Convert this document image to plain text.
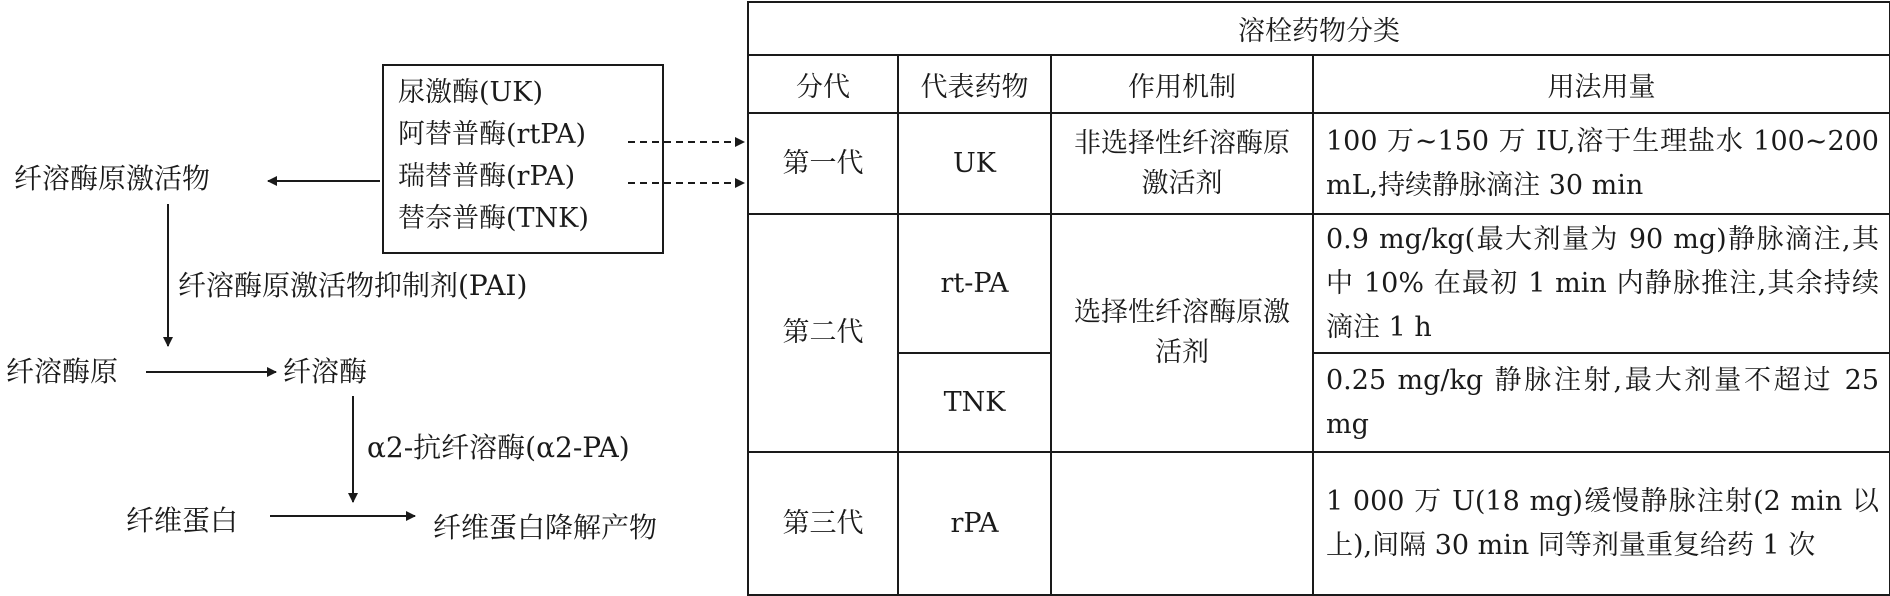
尿激酶(UK)
阿替普酶(rtPA)
瑞替普酶(rPA)
替奈普酶(TNK)
纤溶酶原激活物
纤溶酶原激活物抑制剂(PAI)
纤溶酶原	纤溶酶
α2-抗纤溶酶(α2-PA)
纤维蛋白	纤维蛋白降解产物
溶栓药物分类			
分代	代表药物	作用机制	用法用量
第一代	UK	非选择性纤溶酶原激活剂	100 万~150 万 IU,溶于生理盐水 100~200 mL,持续静脉滴注 30 min
第二代	rt-PA	选择性纤溶酶原激活剂	0.9 mg/kg(最大剂量为 90 mg)静脉滴注,其中 10% 在最初 1 min 内静脉推注,其余持续滴注 1 h
	TNK		0.25 mg/kg 静脉注射,最大剂量不超过 25 mg
第三代	rPA		1 000 万 U(18 mg)缓慢静脉注射(2 min 以上),间隔 30 min 同等剂量重复给药 1 次
